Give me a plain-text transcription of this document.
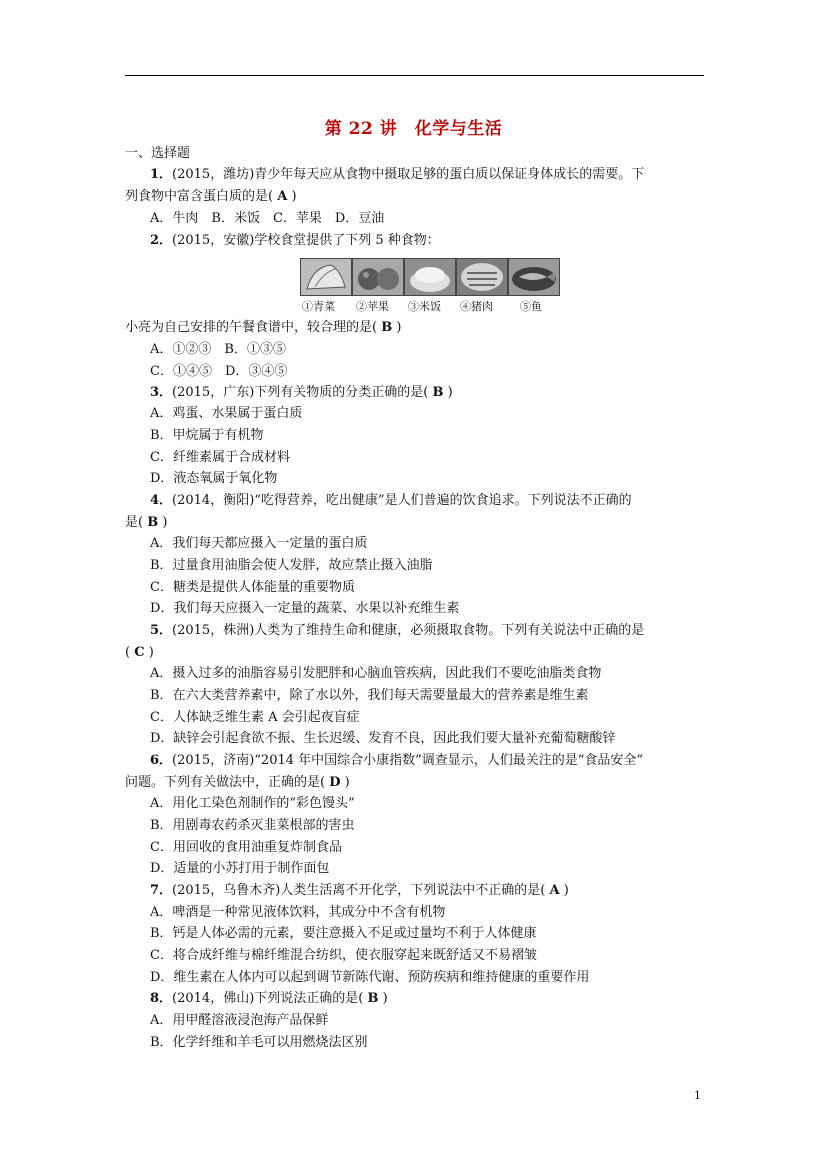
第 22 讲　化学与生活
一、选择题
1．(2015，潍坊)青少年每天应从食物中摄取足够的蛋白质以保证身体成长的需要。下
列食物中富含蛋白质的是( A )
A．牛肉　B．米饭　C．苹果　D．豆油
2．(2015，安徽)学校食堂提供了下列 5 种食物：
①青菜 ②苹果 ③米饭 ④猪肉 ⑤鱼
小亮为自己安排的午餐食谱中，较合理的是( B )
A．①②③　B．①③⑤
C．①④⑤　D．③④⑤
3．(2015，广东)下列有关物质的分类正确的是( B )
A．鸡蛋、水果属于蛋白质
B．甲烷属于有机物
C．纤维素属于合成材料
D．液态氧属于氧化物
4．(2014，衡阳)“吃得营养，吃出健康”是人们普遍的饮食追求。下列说法不正确的
是( B )
A．我们每天都应摄入一定量的蛋白质
B．过量食用油脂会使人发胖，故应禁止摄入油脂
C．糖类是提供人体能量的重要物质
D．我们每天应摄入一定量的蔬菜、水果以补充维生素
5．(2015，株洲)人类为了维持生命和健康，必须摄取食物。下列有关说法中正确的是
( C )
A．摄入过多的油脂容易引发肥胖和心脑血管疾病，因此我们不要吃油脂类食物
B．在六大类营养素中，除了水以外，我们每天需要量最大的营养素是维生素
C．人体缺乏维生素 A 会引起夜盲症
D．缺锌会引起食欲不振、生长迟缓、发育不良，因此我们要大量补充葡萄糖酸锌
6．(2015，济南)“2014 年中国综合小康指数”调查显示，人们最关注的是“食品安全”
问题。下列有关做法中，正确的是( D )
A．用化工染色剂制作的“彩色馒头”
B．用剧毒农药杀灭韭菜根部的害虫
C．用回收的食用油重复炸制食品
D．适量的小苏打用于制作面包
7．(2015，乌鲁木齐)人类生活离不开化学，下列说法中不正确的是( A )
A．啤酒是一种常见液体饮料，其成分中不含有机物
B．钙是人体必需的元素，要注意摄入不足或过量均不利于人体健康
C．将合成纤维与棉纤维混合纺织，使衣服穿起来既舒适又不易褶皱
D．维生素在人体内可以起到调节新陈代谢、预防疾病和维持健康的重要作用
8．(2014，佛山)下列说法正确的是( B )
A．用甲醛溶液浸泡海产品保鲜
B．化学纤维和羊毛可以用燃烧法区别
1
